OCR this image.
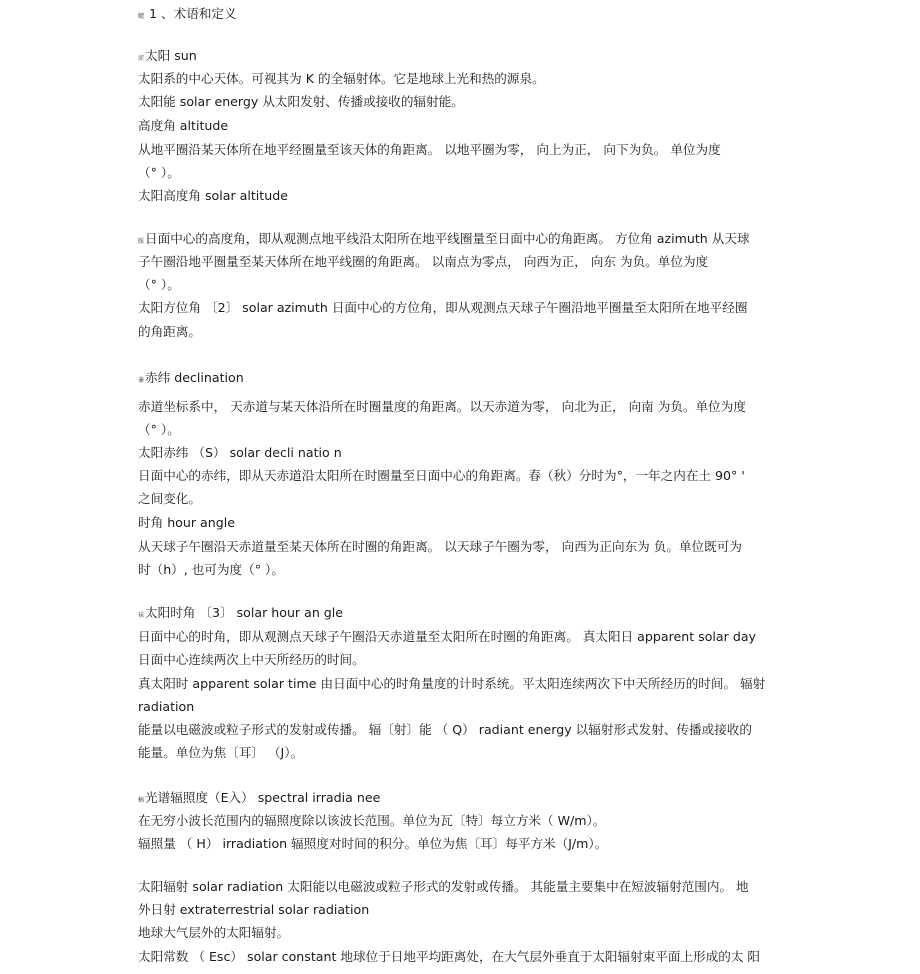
鳃 1 、术语和定义
涩太阳 sun
太阳系的中心天体。可视其为 K 的全辐射体。它是地球上光和热的源泉。
太阳能 solar energy 从太阳发射、传播或接收的辐射能。
高度角 altitude
从地平圈沿某天体所在地平经圈量至该天体的角距离。 以地平圈为零， 向上为正， 向下为负。 单位为度
（° ）。
太阳高度角 solar altitude
脓日面中心的高度角，即从观测点地平线沿太阳所在地平线圈量至日面中心的角距离。 方位角 azimuth 从天球
子午圈沿地平圈量至某天体所在地平线圈的角距离。 以南点为零点， 向西为正， 向东 为负。单位为度
（° ）。
太阳方位角 〔2〕 solar azimuth 日面中心的方位角，即从观测点天球子午圈沿地平圈量至太阳所在地平经圈
的角距离。
蒹赤纬 declination
赤道坐标系中， 天赤道与某天体沿所在时圈量度的角距离。以天赤道为零， 向北为正， 向南 为负。单位为度
（° ）。
太阳赤纬 （S） solar decli natio n
日面中心的赤纬，即从天赤道沿太阳所在时圈量至日面中心的角距离。春（秋）分时为°，一年之内在土 90° '
之间变化。
时角 hour angle
从天球子午圈沿天赤道量至某天体所在时圈的角距离。 以天球子午圈为零， 向西为正向东为 负。单位既可为
时（h）, 也可为度（° ）。
袜太阳时角 〔3〕 solar hour an gle
日面中心的时角，即从观测点天球子午圈沿天赤道量至太阳所在时圈的角距离。 真太阳日 apparent solar day
日面中心连续两次上中天所经历的时间。
真太阳时 apparent solar time 由日面中心的时角量度的计时系统。平太阳连续两次下中天所经历的时间。 辐射
radiation
能量以电磁波或粒子形式的发射或传播。 辐〔射〕能 （ Q） radiant energy 以辐射形式发射、传播或接收的
能量。单位为焦〔耳〕 （J）。
蝌光谱辐照度（E入） spectral irradia nee
在无穷小波长范围内的辐照度除以该波长范围。单位为瓦〔特〕每立方米（ W/m）。
辐照量 （ H） irradiation 辐照度对时间的积分。单位为焦〔耳〕每平方米（J/m）。
太阳辐射 solar radiation 太阳能以电磁波或粒子形式的发射或传播。 其能量主要集中在短波辐射范围内。 地
外日射 extraterrestrial solar radiation
地球大气层外的太阳辐射。
太阳常数 （ Esc） solar constant 地球位于日地平均距离处，在大气层外垂直于太阳辐射束平面上形成的太 阳
